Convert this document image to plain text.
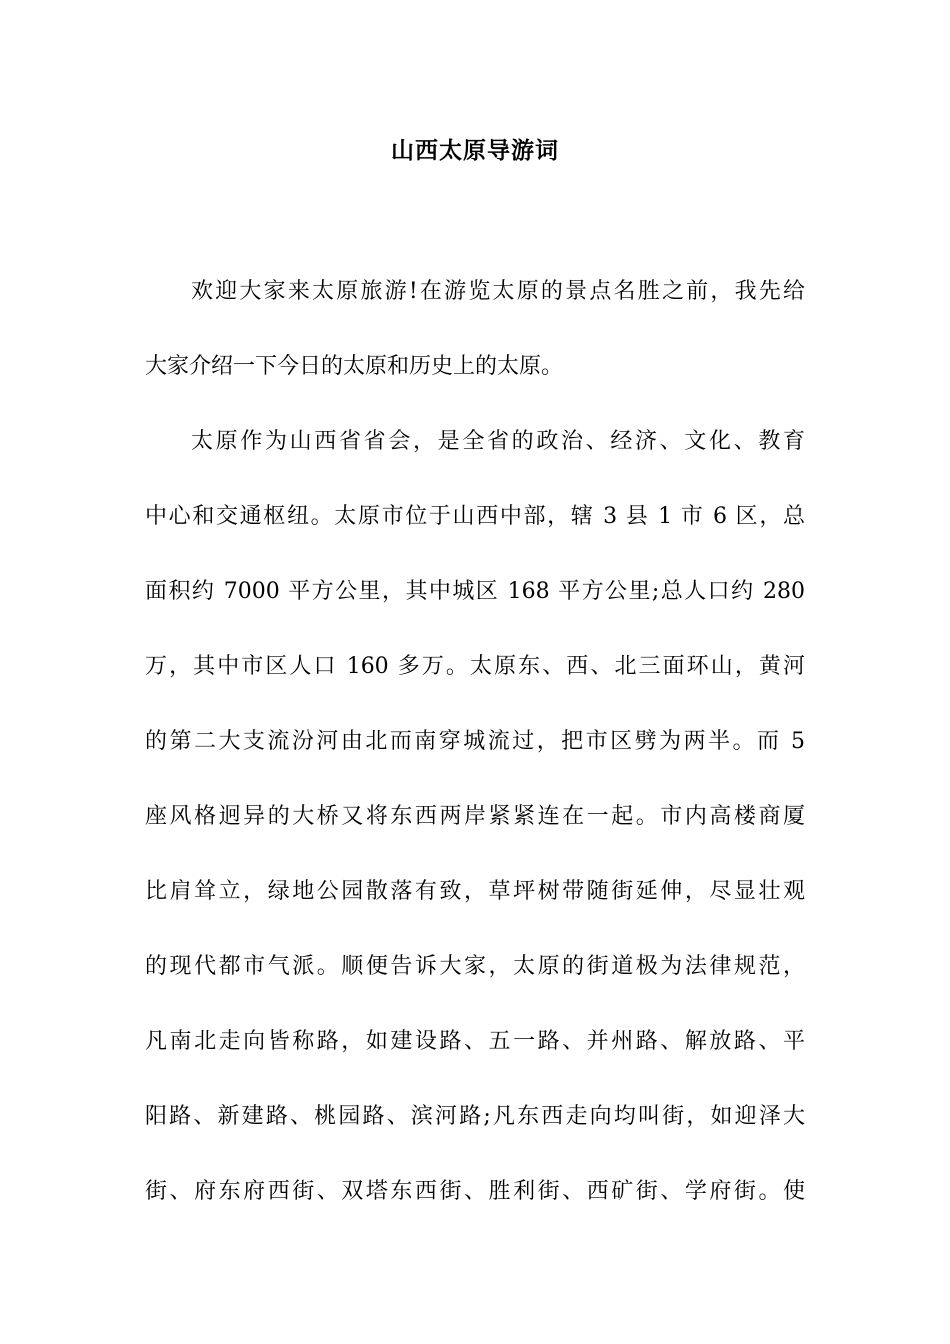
山西太原导游词
欢迎大家来太原旅游!在游览太原的景点名胜之前，我先给
大家介绍一下今日的太原和历史上的太原。
太原作为山西省省会，是全省的政治、经济、文化、教育
中心和交通枢纽。太原市位于山西中部，辖 3 县 1 市 6 区，总
面积约 7000 平方公里，其中城区 168 平方公里;总人口约 280
万，其中市区人口 160 多万。太原东、西、北三面环山，黄河
的第二大支流汾河由北而南穿城流过，把市区劈为两半。而 5
座风格迥异的大桥又将东西两岸紧紧连在一起。市内高楼商厦
比肩耸立，绿地公园散落有致，草坪树带随街延伸，尽显壮观
的现代都市气派。顺便告诉大家，太原的街道极为法律规范，
凡南北走向皆称路，如建设路、五一路、并州路、解放路、平
阳路、新建路、桃园路、滨河路;凡东西走向均叫街，如迎泽大
街、府东府西街、双塔东西街、胜利街、西矿街、学府街。使
